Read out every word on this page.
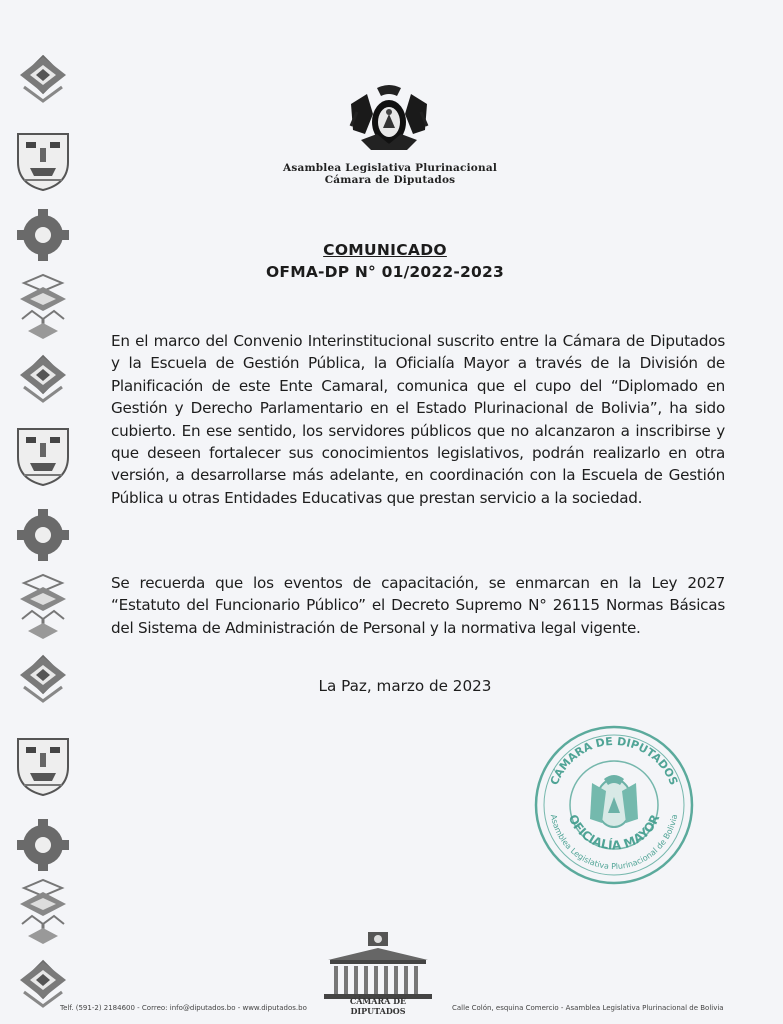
Asamblea Legislativa Plurinacional
Cámara de Diputados
COMUNICADO
OFMA-DP N° 01/2022-2023

En el marco del Convenio Interinstitucional suscrito entre la Cámara de Diputados y la Escuela de Gestión Pública, la Oficialía Mayor a través de la División de Planificación de este Ente Camaral, comunica que el cupo del “Diplomado en Gestión y Derecho Parlamentario en el Estado Plurinacional de Bolivia”, ha sido cubierto. En ese sentido, los servidores públicos que no alcanzaron a inscribirse y que deseen fortalecer sus conocimientos legislativos, podrán realizarlo en otra versión, a desarrollarse más adelante, en coordinación con la Escuela de Gestión Pública u otras Entidades Educativas que prestan servicio a la sociedad.

Se recuerda que los eventos de capacitación, se enmarcan en la Ley 2027 “Estatuto del Funcionario Público” el Decreto Supremo N° 26115 Normas Básicas del Sistema de Administración de Personal y la normativa legal vigente.

La Paz, marzo de 2023
CÁMARA DE DIPUTADOS
OFICIALÍA MAYOR
Asamblea Legislativa Plurinacional de Bolivia
CÁMARA DE DIPUTADOS
Telf. (591-2) 2184600 - Correo: info@diputados.bo - www.diputados.bo	Calle Colón, esquina Comercio - Asamblea Legislativa Plurinacional de Bolivia
